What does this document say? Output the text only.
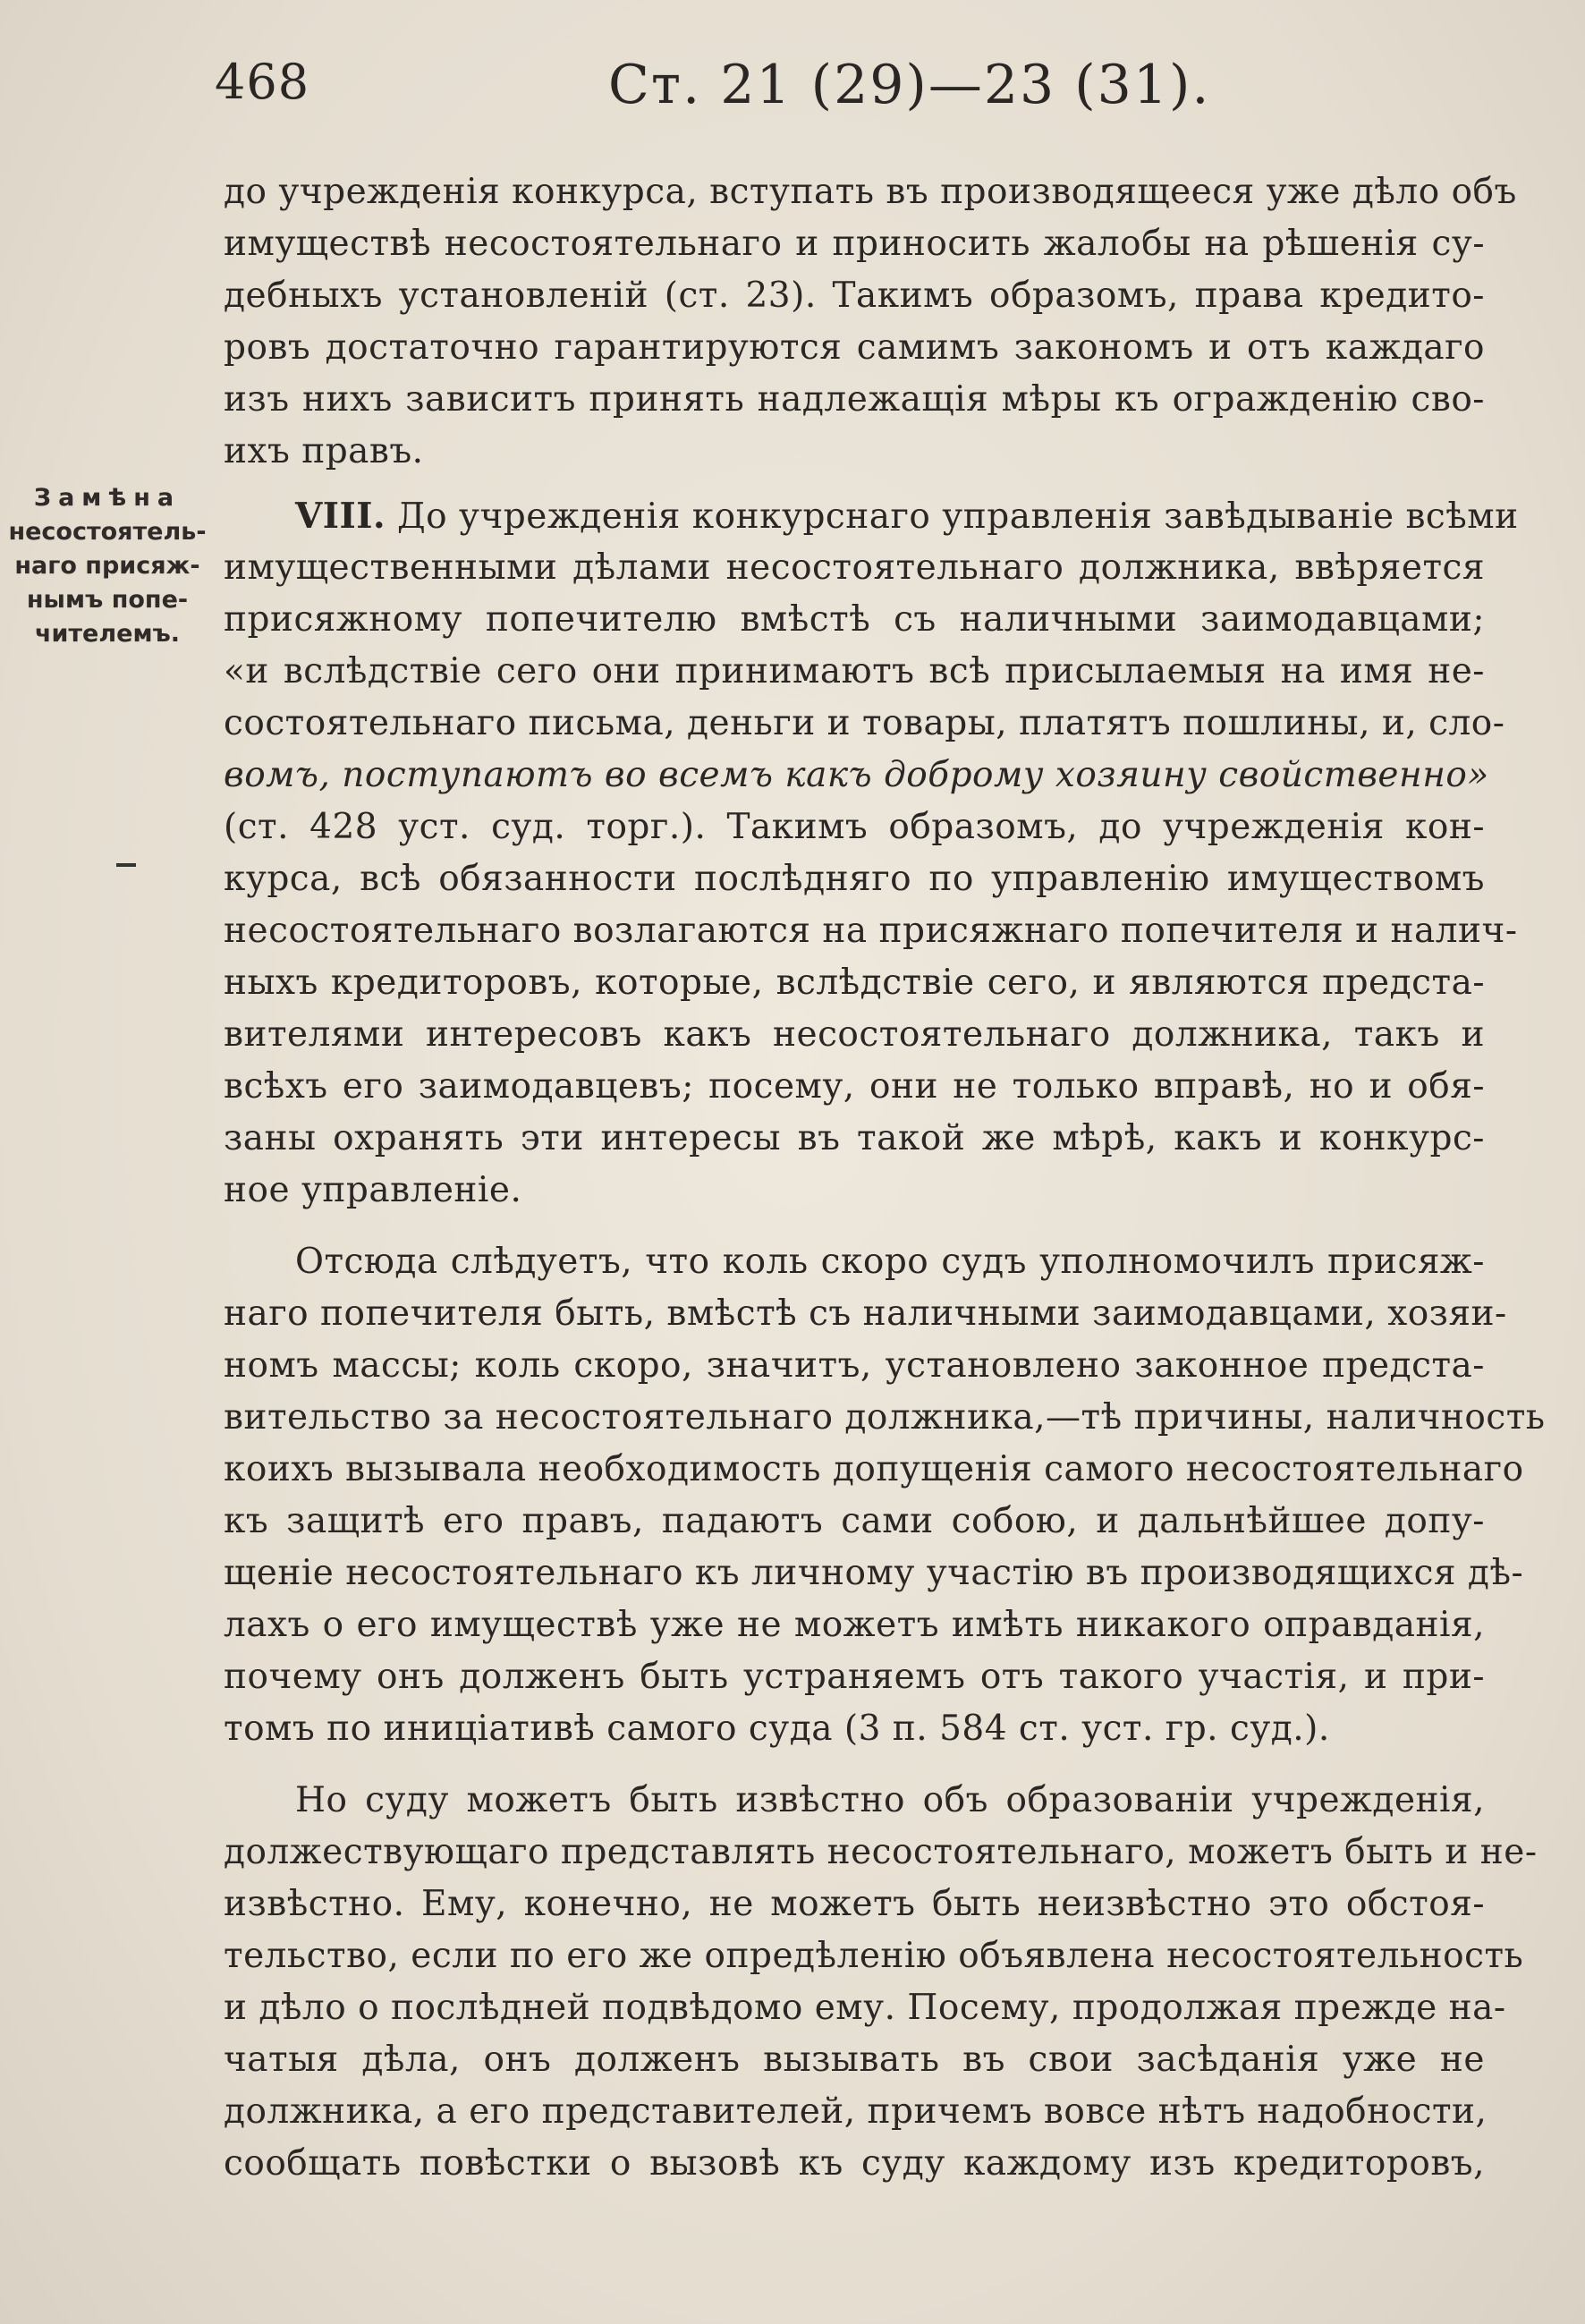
468	Ст. 21 (29)—23 (31).
Замѣна
несостоятель-
наго присяж-
нымъ попе-
чителемъ.
до учрежденія конкурса, вступать въ производящееся уже дѣло объ
имуществѣ несостоятельнаго и приносить жалобы на рѣшенія су-
дебныхъ установленій (ст. 23). Такимъ образомъ, права кредито-
ровъ достаточно гарантируются самимъ закономъ и отъ каждаго
изъ нихъ зависитъ принять надлежащія мѣры къ огражденію сво-
ихъ правъ.
VIII. До учрежденія конкурснаго управленія завѣдываніе всѣми
имущественными дѣлами несостоятельнаго должника, ввѣряется
присяжному попечителю вмѣстѣ съ наличными заимодавцами;
«и вслѣдствіе сего они принимаютъ всѣ присылаемыя на имя не-
состоятельнаго письма, деньги и товары, платятъ пошлины, и, сло-
вомъ, поступаютъ во всемъ какъ доброму хозяину свойственно»
(ст. 428 уст. суд. торг.). Такимъ образомъ, до учрежденія кон-
курса, всѣ обязанности послѣдняго по управленію имуществомъ
несостоятельнаго возлагаются на присяжнаго попечителя и налич-
ныхъ кредиторовъ, которые, вслѣдствіе сего, и являются предста-
вителями интересовъ какъ несостоятельнаго должника, такъ и
всѣхъ его заимодавцевъ; посему, они не только вправѣ, но и обя-
заны охранять эти интересы въ такой же мѣрѣ, какъ и конкурс-
ное управленіе.
Отсюда слѣдуетъ, что коль скоро судъ уполномочилъ присяж-
наго попечителя быть, вмѣстѣ съ наличными заимодавцами, хозяи-
номъ массы; коль скоро, значитъ, установлено законное предста-
вительство за несостоятельнаго должника,—тѣ причины, наличность
коихъ вызывала необходимость допущенія самого несостоятельнаго
къ защитѣ его правъ, падаютъ сами собою, и дальнѣйшее допу-
щеніе несостоятельнаго къ личному участію въ производящихся дѣ-
лахъ о его имуществѣ уже не можетъ имѣть никакого оправданія,
почему онъ долженъ быть устраняемъ отъ такого участія, и при-
томъ по иниціативѣ самого суда (3 п. 584 ст. уст. гр. суд.).
Но суду можетъ быть извѣстно объ образованіи учрежденія,
должествующаго представлять несостоятельнаго, можетъ быть и не-
извѣстно. Ему, конечно, не можетъ быть неизвѣстно это обстоя-
тельство, если по его же опредѣленію объявлена несостоятельность
и дѣло о послѣдней подвѣдомо ему. Посему, продолжая прежде на-
чатыя дѣла, онъ долженъ вызывать въ свои засѣданія уже не
должника, а его представителей, причемъ вовсе нѣтъ надобности,
сообщать повѣстки о вызовѣ къ суду каждому изъ кредиторовъ,
